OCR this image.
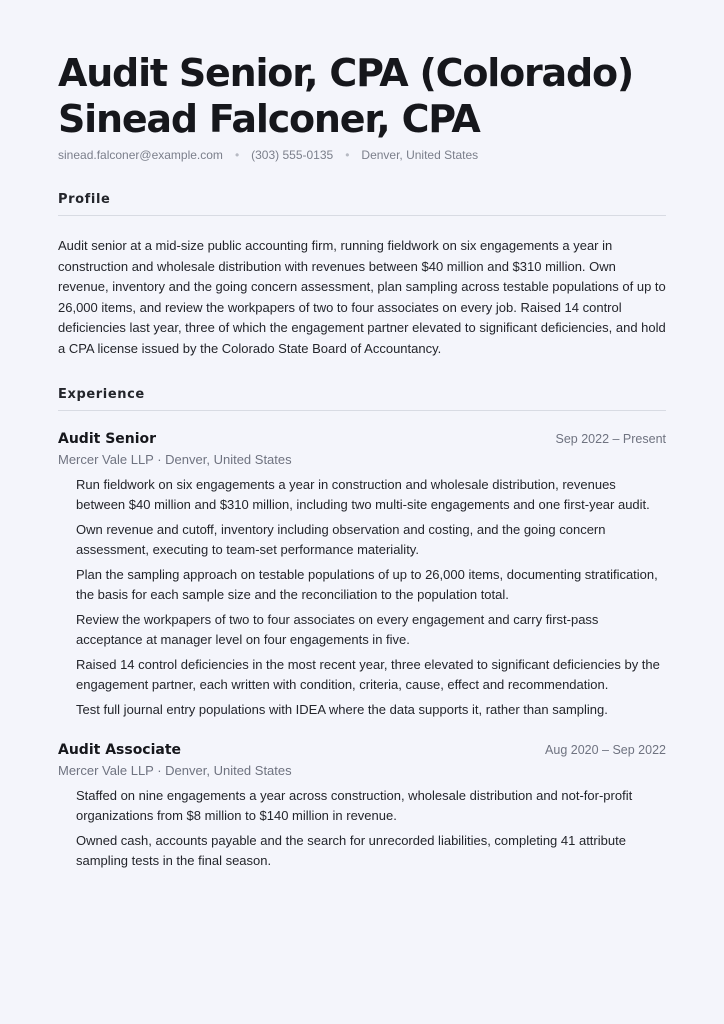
Audit Senior, CPA (Colorado)
Sinead Falconer, CPA
sinead.falconer@example.com • (303) 555-0135 • Denver, United States
Profile

Audit senior at a mid-size public accounting firm, running fieldwork on six engagements a year in construction and wholesale distribution with revenues between $40 million and $310 million. Own revenue, inventory and the going concern assessment, plan sampling across testable populations of up to 26,000 items, and review the workpapers of two to four associates on every job. Raised 14 control deficiencies last year, three of which the engagement partner elevated to significant deficiencies, and hold a CPA license issued by the Colorado State Board of Accountancy.

Experience
Audit Senior	Sep 2022 – Present
Mercer Vale LLP · Denver, United States
Run fieldwork on six engagements a year in construction and wholesale distribution, revenues between $40 million and $310 million, including two multi-site engagements and one first-year audit.
Own revenue and cutoff, inventory including observation and costing, and the going concern assessment, executing to team-set performance materiality.
Plan the sampling approach on testable populations of up to 26,000 items, documenting stratification, the basis for each sample size and the reconciliation to the population total.
Review the workpapers of two to four associates on every engagement and carry first-pass acceptance at manager level on four engagements in five.
Raised 14 control deficiencies in the most recent year, three elevated to significant deficiencies by the engagement partner, each written with condition, criteria, cause, effect and recommendation.
Test full journal entry populations with IDEA where the data supports it, rather than sampling.
Audit Associate	Aug 2020 – Sep 2022
Mercer Vale LLP · Denver, United States
Staffed on nine engagements a year across construction, wholesale distribution and not-for-profit organizations from $8 million to $140 million in revenue.
Owned cash, accounts payable and the search for unrecorded liabilities, completing 41 attribute sampling tests in the final season.
